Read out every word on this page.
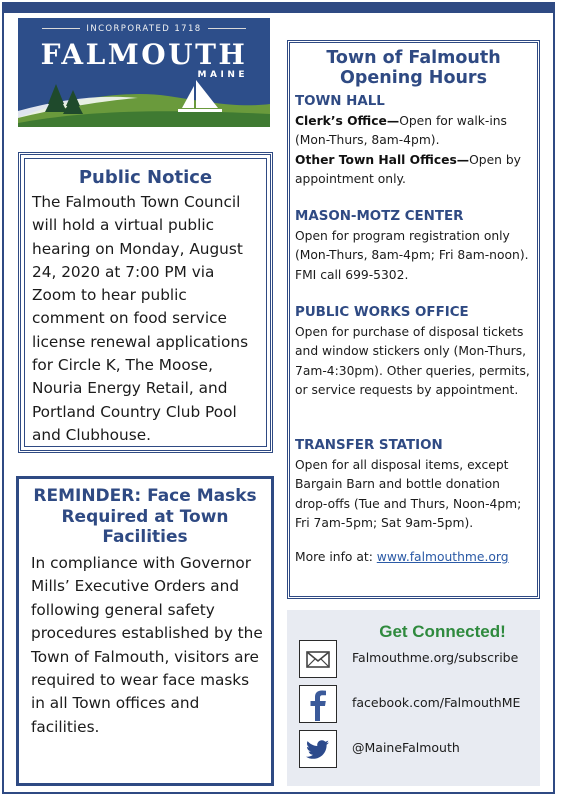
INCORPORATED 1718
FALMOUTH
MAINE
Public Notice

The Falmouth Town Council will hold a virtual public hearing on Monday, August 24, 2020 at 7:00 PM via Zoom to hear public comment on food service license renewal applications for Circle K, The Moose, Nouria Energy Retail, and Portland Country Club Pool and Clubhouse.

REMINDER: Face Masks Required at Town Facilities

In compliance with Governor Mills’ Executive Orders and following general safety procedures established by the Town of Falmouth, visitors are required to wear face masks in all Town offices and facilities.

Town of Falmouth Opening Hours
TOWN HALL
Clerk’s Office—Open for walk-ins (Mon-Thurs, 8am-4pm).
Other Town Hall Offices—Open by appointment only.
MASON-MOTZ CENTER
Open for program registration only (Mon-Thurs, 8am-4pm; Fri 8am-noon). FMI call 699-5302.
PUBLIC WORKS OFFICE
Open for purchase of disposal tickets and window stickers only (Mon-Thurs, 7am-4:30pm). Other queries, permits, or service requests by appointment.
TRANSFER STATION
Open for all disposal items, except Bargain Barn and bottle donation drop-offs (Tue and Thurs, Noon-4pm; Fri 7am-5pm; Sat 9am-5pm).
More info at: www.falmouthme.org
Get Connected!
Falmouthme.org/subscribe
facebook.com/FalmouthME
@MaineFalmouth
